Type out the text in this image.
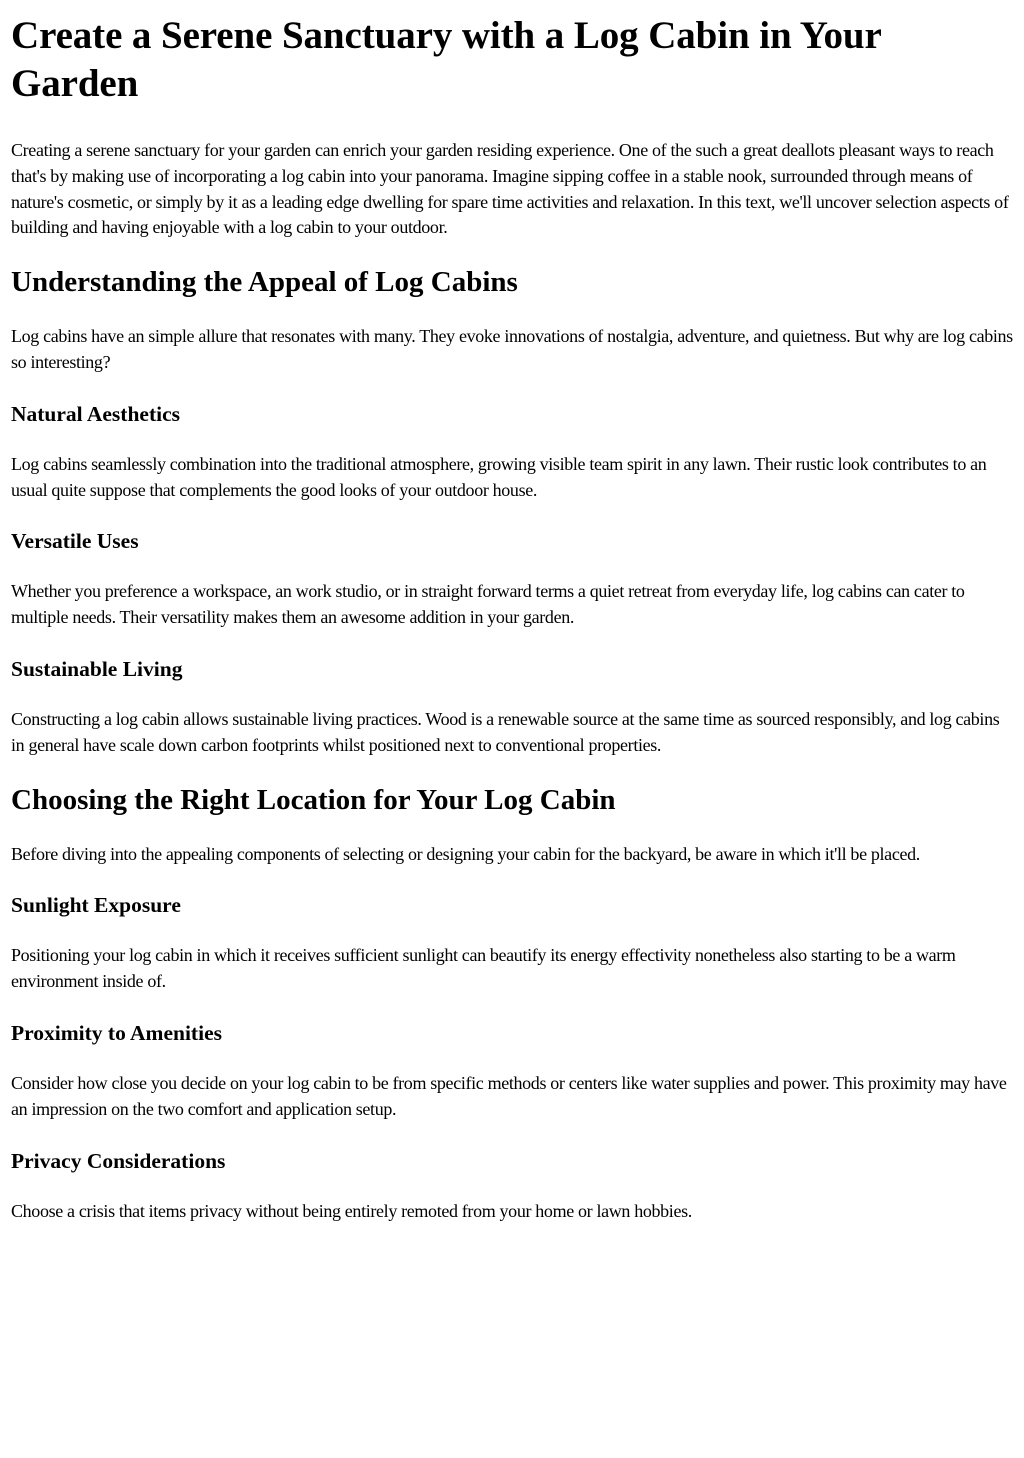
Create a Serene Sanctuary with a Log Cabin in Your Garden

Creating a serene sanctuary for your garden can enrich your garden residing experience. One of the such a great deallots pleasant ways to reach that's by making use of incorporating a log cabin into your panorama. Imagine sipping coffee in a stable nook, surrounded through means of nature's cosmetic, or simply by it as a leading edge dwelling for spare time activities and relaxation. In this text, we'll uncover selection aspects of building and having enjoyable with a log cabin to your outdoor.

Understanding the Appeal of Log Cabins

Log cabins have an simple allure that resonates with many. They evoke innovations of nostalgia, adventure, and quietness. But why are log cabins so interesting?

Natural Aesthetics

Log cabins seamlessly combination into the traditional atmosphere, growing visible team spirit in any lawn. Their rustic look contributes to an usual quite suppose that complements the good looks of your outdoor house.

Versatile Uses

Whether you preference a workspace, an work studio, or in straight forward terms a quiet retreat from everyday life, log cabins can cater to multiple needs. Their versatility makes them an awesome addition in your garden.

Sustainable Living

Constructing a log cabin allows sustainable living practices. Wood is a renewable source at the same time as sourced responsibly, and log cabins in general have scale down carbon footprints whilst positioned next to conventional properties.

Choosing the Right Location for Your Log Cabin

Before diving into the appealing components of selecting or designing your cabin for the backyard, be aware in which it'll be placed.

Sunlight Exposure

Positioning your log cabin in which it receives sufficient sunlight can beautify its energy effectivity nonetheless also starting to be a warm environment inside of.

Proximity to Amenities

Consider how close you decide on your log cabin to be from specific methods or centers like water supplies and power. This proximity may have an impression on the two comfort and application setup.

Privacy Considerations

Choose a crisis that items privacy without being entirely remoted from your home or lawn hobbies.
